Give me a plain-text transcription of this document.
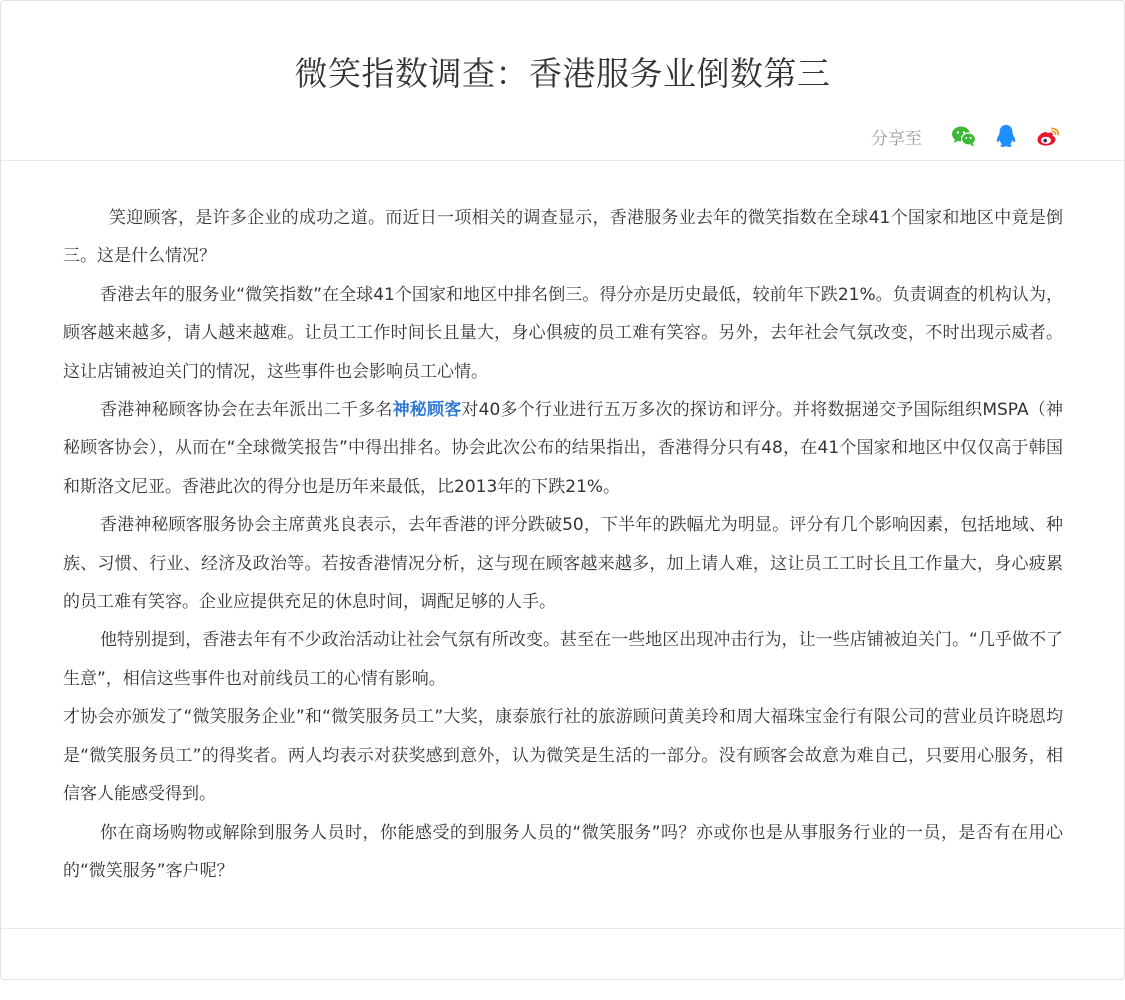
微笑指数调查：香港服务业倒数第三
分享至

笑迎顾客，是许多企业的成功之道。而近日一项相关的调查显示，香港服务业去年的微笑指数在全球41个国家和地区中竟是倒三。这是什么情况？

香港去年的服务业“微笑指数”在全球41个国家和地区中排名倒三。得分亦是历史最低，较前年下跌21%。负责调查的机构认为，顾客越来越多，请人越来越难。让员工工作时间长且量大，身心俱疲的员工难有笑容。另外，去年社会气氛改变，不时出现示威者。这让店铺被迫关门的情况，这些事件也会影响员工心情。

香港神秘顾客协会在去年派出二千多名神秘顾客对40多个行业进行五万多次的探访和评分。并将数据递交予国际组织MSPA（神秘顾客协会），从而在“全球微笑报告”中得出排名。协会此次公布的结果指出，香港得分只有48，在41个国家和地区中仅仅高于韩国和斯洛文尼亚。香港此次的得分也是历年来最低，比2013年的下跌21%。

香港神秘顾客服务协会主席黄兆良表示，去年香港的评分跌破50，下半年的跌幅尤为明显。评分有几个影响因素，包括地域、种族、习惯、行业、经济及政治等。若按香港情况分析，这与现在顾客越来越多，加上请人难，这让员工工时长且工作量大，身心疲累的员工难有笑容。企业应提供充足的休息时间，调配足够的人手。

他特别提到，香港去年有不少政治活动让社会气氛有所改变。甚至在一些地区出现冲击行为，让一些店铺被迫关门。“几乎做不了生意”，相信这些事件也对前线员工的心情有影响。

才协会亦颁发了“微笑服务企业”和“微笑服务员工”大奖，康泰旅行社的旅游顾问黄美玲和周大福珠宝金行有限公司的营业员许晓恩均是“微笑服务员工”的得奖者。两人均表示对获奖感到意外，认为微笑是生活的一部分。没有顾客会故意为难自己，只要用心服务，相信客人能感受得到。

你在商场购物或解除到服务人员时，你能感受的到服务人员的“微笑服务”吗？亦或你也是从事服务行业的一员，是否有在用心的“微笑服务”客户呢？
